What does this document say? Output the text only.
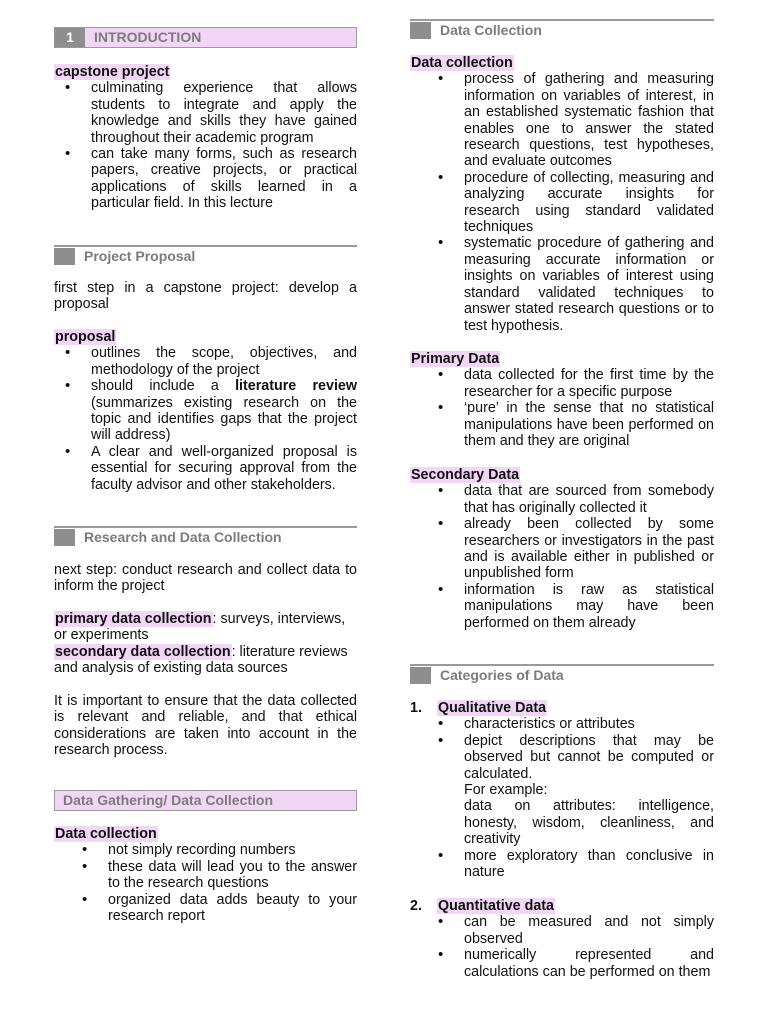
1	INTRODUCTION

capstone project

• culminating experience that allows students to integrate and apply the knowledge and skills they have gained throughout their academic program
• can take many forms, such as research papers, creative projects, or practical applications of skills learned in a particular field. In this lecture
Project Proposal
first step in a capstone project: develop a proposal

proposal

• outlines the scope, objectives, and methodology of the project
• should include a literature review (summarizes existing research on the topic and identifies gaps that the project will address)
• A clear and well-organized proposal is essential for securing approval from the faculty advisor and other stakeholders.
Research and Data Collection
next step: conduct research and collect data to inform the project

primary data collection: surveys, interviews, or experiments

secondary data collection: literature reviews and analysis of existing data sources

It is important to ensure that the data collected is relevant and reliable, and that ethical considerations are taken into account in the research process.
Data Gathering/ Data Collection

Data collection

• not simply recording numbers
• these data will lead you to the answer to the research questions
• organized data adds beauty to your research report
Data Collection

Data collection

• process of gathering and measuring information on variables of interest, in an established systematic fashion that enables one to answer the stated research questions, test hypotheses, and evaluate outcomes
• procedure of collecting, measuring and analyzing accurate insights for research using standard validated techniques
• systematic procedure of gathering and measuring accurate information or insights on variables of interest using standard validated techniques to answer stated research questions or to test hypothesis.

Primary Data

• data collected for the first time by the researcher for a specific purpose
• ‘pure’ in the sense that no statistical manipulations have been performed on them and they are original

Secondary Data

• data that are sourced from somebody that has originally collected it
• already been collected by some researchers or investigators in the past and is available either in published or unpublished form
• information is raw as statistical manipulations may have been performed on them already
Categories of Data
1.	Qualitative Data
• characteristics or attributes
• depict descriptions that may be observed but cannot be computed or calculated.
For example:
data on attributes: intelligence, honesty, wisdom, cleanliness, and creativity
• more exploratory than conclusive in nature
2.	Quantitative data
• can be measured and not simply observed
• numerically represented and calculations can be performed on them
